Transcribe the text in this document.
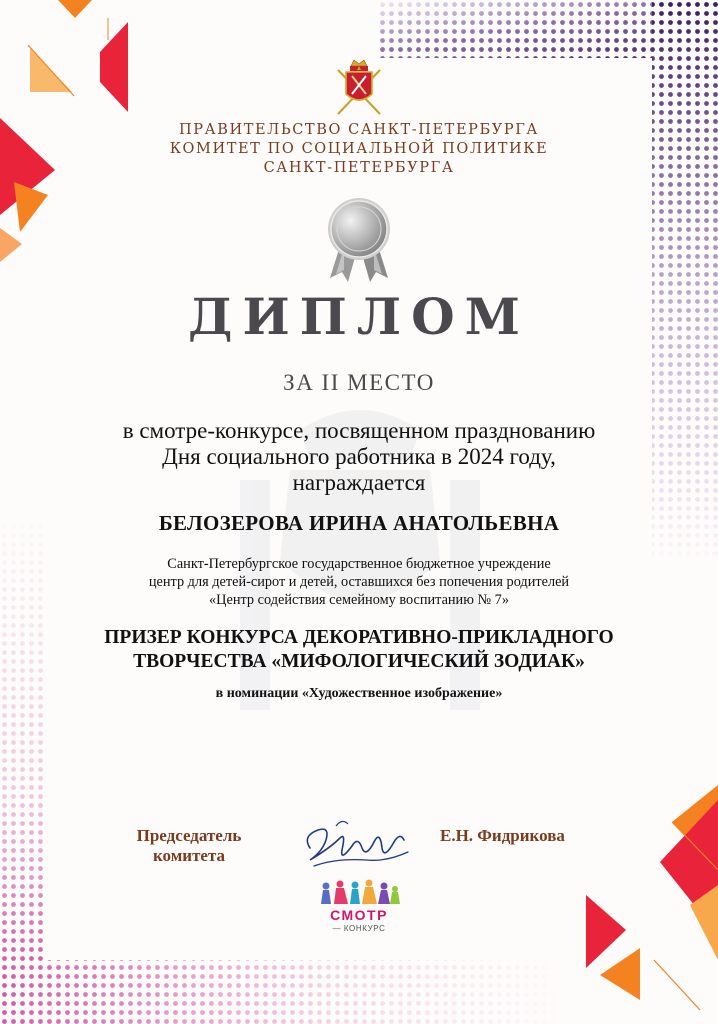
ПРАВИТЕЛЬСТВО САНКТ-ПЕТЕРБУРГА
КОМИТЕТ ПО СОЦИАЛЬНОЙ ПОЛИТИКЕ
САНКТ-ПЕТЕРБУРГА
ДИПЛОМ
ЗА II МЕСТО
в смотре-конкурсе, посвященном празднованию
Дня социального работника в 2024 году,
награждается
БЕЛОЗЕРОВА ИРИНА АНАТОЛЬЕВНА
Санкт-Петербургское государственное бюджетное учреждение
центр для детей-сирот и детей, оставшихся без попечения родителей
«Центр содействия семейному воспитанию № 7»
ПРИЗЕР КОНКУРСА ДЕКОРАТИВНО-ПРИКЛАДНОГО
ТВОРЧЕСТВА «МИФОЛОГИЧЕСКИЙ ЗОДИАК»
в номинации «Художественное изображение»
Председатель
комитета
Е.Н. Фидрикова
СМОТР
— КОНКУРС
